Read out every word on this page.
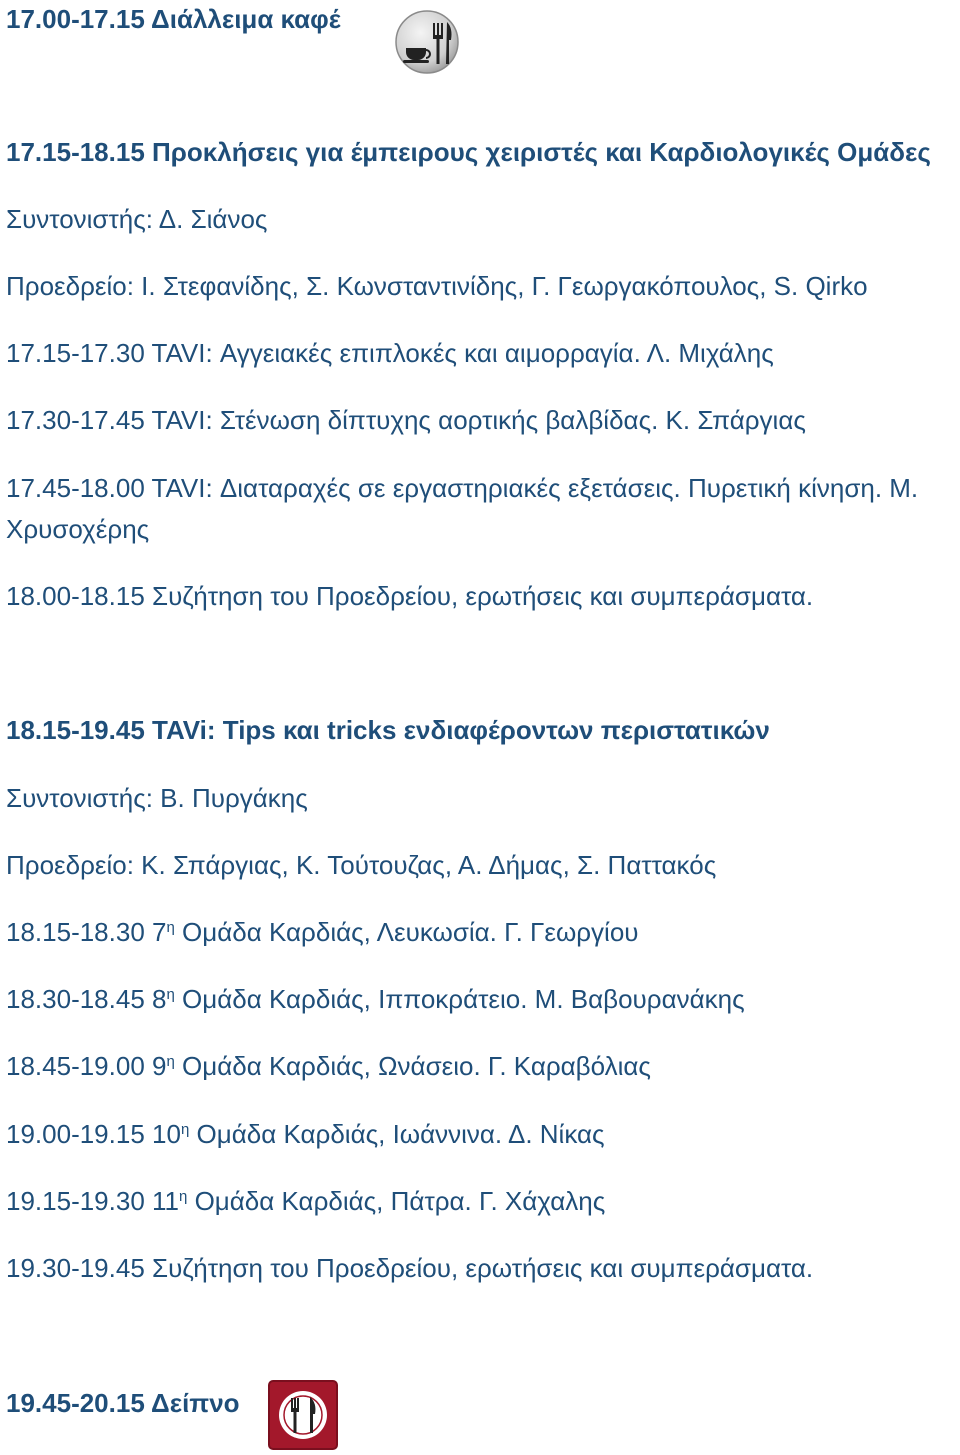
17.00-17.15 Διάλλειμα καφέ
17.15-18.15 Προκλήσεις για έμπειρους χειριστές και Καρδιολογικές Ομάδες
Συντονιστής: Δ. Σιάνος
Προεδρείο: Ι. Στεφανίδης, Σ. Κωνσταντινίδης, Γ. Γεωργακόπουλος, S. Qirko
17.15-17.30 TAVI: Αγγειακές επιπλοκές και αιμορραγία. Λ. Μιχάλης
17.30-17.45 TAVI: Στένωση δίπτυχης αορτικής βαλβίδας. Κ. Σπάργιας
17.45-18.00 TAVI: Διαταραχές σε εργαστηριακές εξετάσεις. Πυρετική κίνηση. Μ.
Χρυσοχέρης
18.00-18.15 Συζήτηση του Προεδρείου, ερωτήσεις και συμπεράσματα.
18.15-19.45 TAVi: Tips και tricks ενδιαφέροντων περιστατικών
Συντονιστής: Β. Πυργάκης
Προεδρείο: Κ. Σπάργιας, Κ. Τούτουζας, Α. Δήμας, Σ. Παττακός
18.15-18.30 $7^\eta$ Ομάδα Καρδιάς, Λευκωσία. Γ. Γεωργίου
18.30-18.45 $8^\eta$ Ομάδα Καρδιάς, Ιπποκράτειο. Μ. Βαβουρανάκης
18.45-19.00 $9^\eta$ Ομάδα Καρδιάς, Ωνάσειο. Γ. Καραβόλιας
19.00-19.15 $10^\eta$ Ομάδα Καρδιάς, Ιωάννινα. Δ. Νίκας
19.15-19.30 $11^\eta$ Ομάδα Καρδιάς, Πάτρα. Γ. Χάχαλης
19.30-19.45 Συζήτηση του Προεδρείου, ερωτήσεις και συμπεράσματα.
19.45-20.15 Δείπνο
